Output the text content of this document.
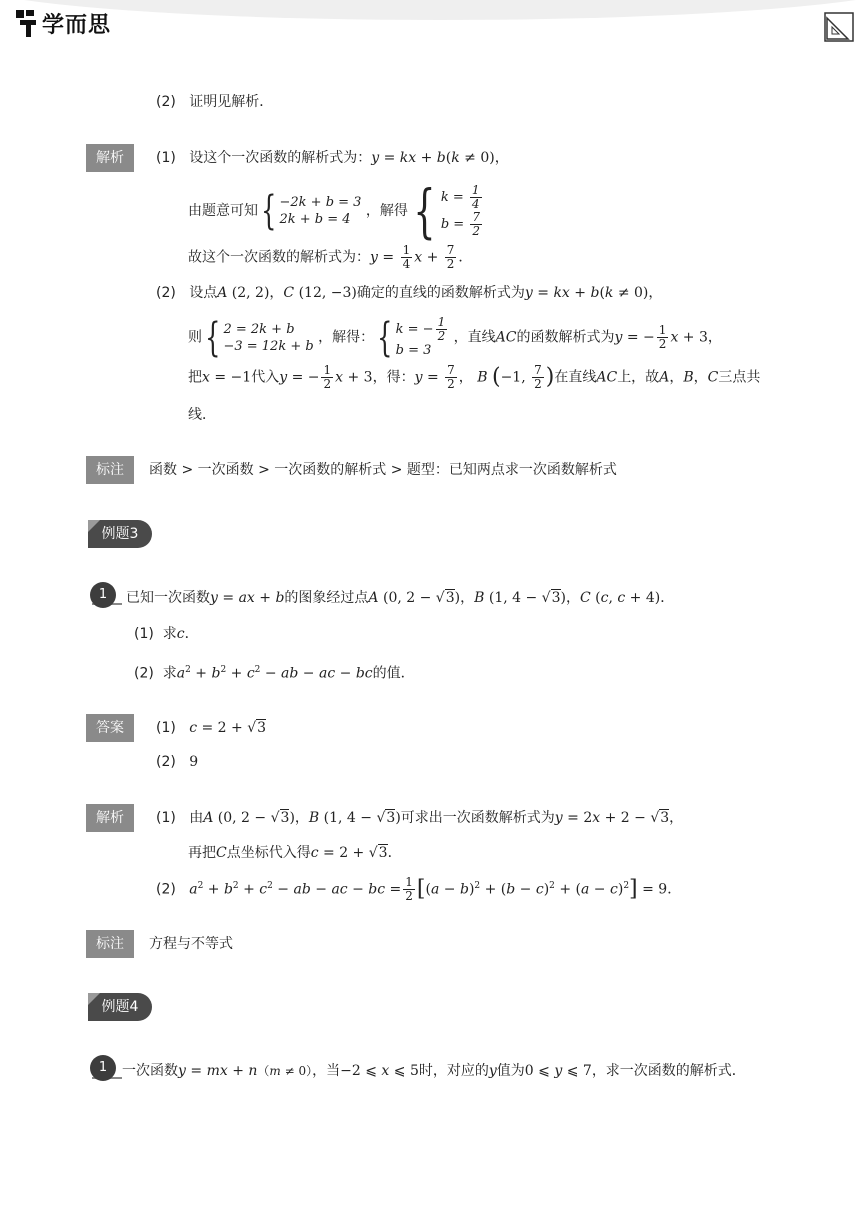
学而思
(2) 证明见解析．
解析	(1) 设这个一次函数的解析式为：y = kx + b(k ≠ 0)，
由题意可知{ −2k + b = 3
2k + b = 4
，解得{ $k = \frac{1}{4}$
$b = \frac{7}{2}$
故这个一次函数的解析式为：$y = \frac{1}{4}$ $x + \frac{7}{2}$ ．
(2) 设点A (2, 2)，C (12, −3)确定的直线的函数解析式为y = kx + b(k ≠ 0)，
则{ 2 = 2k + b
−3 = 12k + b
，解得：{ k = − $\frac{1}{2}$
b = 3
，直线AC的函数解析式为y = − $\frac{1}{2}$ x + 3，
把x = −1代入y = − $\frac{1}{2}$ x + 3，得：$y = \frac{7}{2}$ ， B (−1, $\frac{7}{2}$ )在直线AC上，故A，B，C三点共
线．
标注	函数 > 一次函数 > 一次函数的解析式 > 题型：已知两点求一次函数解析式
例题3
1	已知一次函数y = ax + b的图象经过点A (0, 2 − √3)，B (1, 4 − √3)，C (c, c + 4)．
(1) 求c．
(2) 求$a^2 + b^2 + c^2$ − ab − ac − bc的值．
答案	(1) c = 2 + √3
(2) 9
解析	(1) 由A (0, 2 − √3)，B (1, 4 − √3)可求出一次函数解析式为y = 2x + 2 − √3，
再把C点坐标代入得c = 2 + √3．
(2) $a^2 + b^2 + c^2$ − ab − ac − bc = $\frac{1}{2} [(a - b)^2 + (b - c)^2 + (a - c)^2] = 9$．
标注	方程与不等式
例题4
1	一次函数y = mx + n（m ≠ 0），当−2 ⩽ x ⩽ 5时，对应的y值为0 ⩽ y ⩽ 7，求一次函数的解析式．
